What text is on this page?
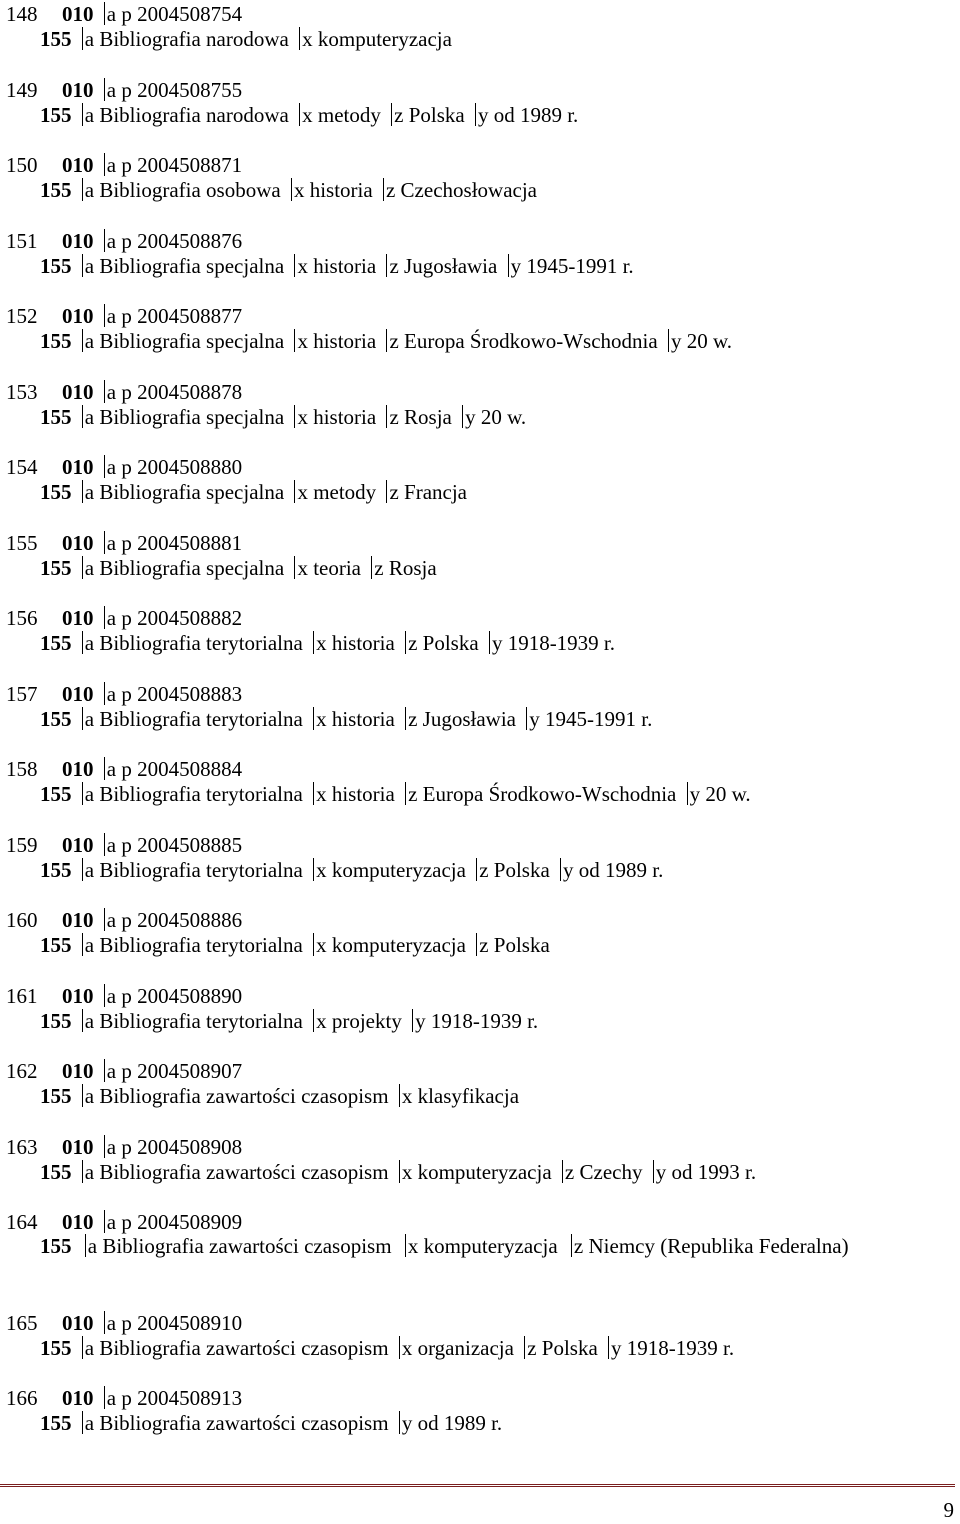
148 010 a p 2004508754
155 a Bibliografia narodowa x komputeryzacja
149 010 a p 2004508755
155 a Bibliografia narodowa x metody z Polska y od 1989 r.
150 010 a p 2004508871
155 a Bibliografia osobowa x historia z Czechosłowacja
151 010 a p 2004508876
155 a Bibliografia specjalna x historia z Jugosławia y 1945-1991 r.
152 010 a p 2004508877
155 a Bibliografia specjalna x historia z Europa Środkowo-Wschodnia y 20 w.
153 010 a p 2004508878
155 a Bibliografia specjalna x historia z Rosja y 20 w.
154 010 a p 2004508880
155 a Bibliografia specjalna x metody z Francja
155 010 a p 2004508881
155 a Bibliografia specjalna x teoria z Rosja
156 010 a p 2004508882
155 a Bibliografia terytorialna x historia z Polska y 1918-1939 r.
157 010 a p 2004508883
155 a Bibliografia terytorialna x historia z Jugosławia y 1945-1991 r.
158 010 a p 2004508884
155 a Bibliografia terytorialna x historia z Europa Środkowo-Wschodnia y 20 w.
159 010 a p 2004508885
155 a Bibliografia terytorialna x komputeryzacja z Polska y od 1989 r.
160 010 a p 2004508886
155 a Bibliografia terytorialna x komputeryzacja z Polska
161 010 a p 2004508890
155 a Bibliografia terytorialna x projekty y 1918-1939 r.
162 010 a p 2004508907
155 a Bibliografia zawartości czasopism x klasyfikacja
163 010 a p 2004508908
155 a Bibliografia zawartości czasopism x komputeryzacja z Czechy y od 1993 r.
164 010 a p 2004508909
155 a Bibliografia zawartości czasopism x komputeryzacja z Niemcy (Republika Federalna)
165 010 a p 2004508910
155 a Bibliografia zawartości czasopism x organizacja z Polska y 1918-1939 r.
166 010 a p 2004508913
155 a Bibliografia zawartości czasopism y od 1989 r.
9
